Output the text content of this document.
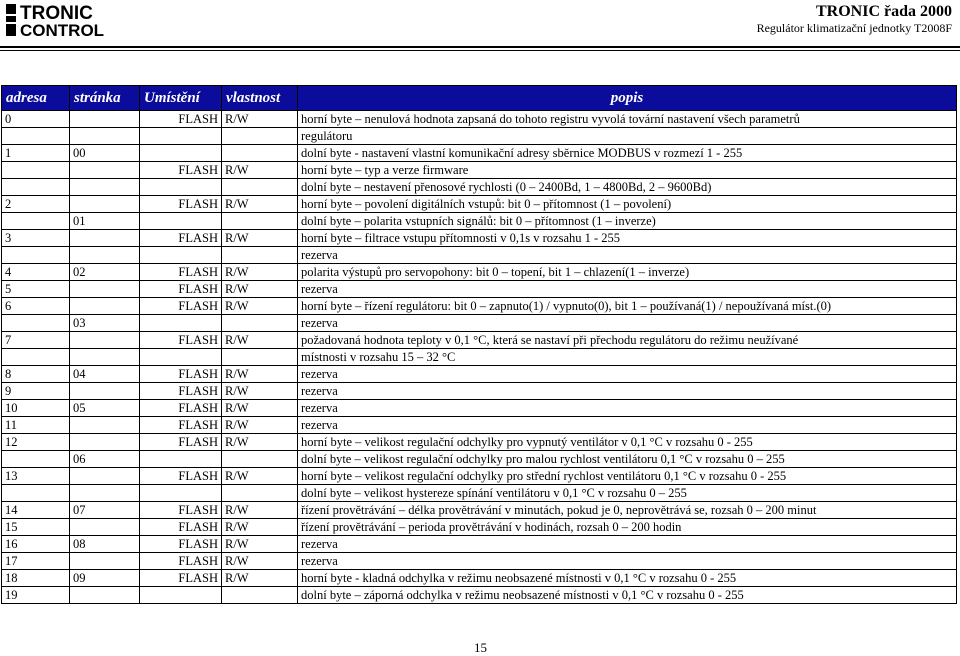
TRONIC
CONTROL
TRONIC řada 2000
Regulátor klimatizační jednotky T2008F
adresa	stránka	Umístění	vlastnost	popis
0		FLASH	R/W	horní byte – nenulová hodnota zapsaná do tohoto registru vyvolá tovární nastavení všech parametrů
				regulátoru
1	00			dolní byte - nastavení vlastní komunikační adresy sběrnice MODBUS v rozmezí 1 - 255
		FLASH	R/W	horní byte – typ a verze firmware
				dolní byte – nestavení přenosové rychlosti (0 – 2400Bd, 1 – 4800Bd, 2 – 9600Bd)
2		FLASH	R/W	horní byte – povolení digitálních vstupů: bit 0 – přítomnost (1 – povolení)
	01			dolní byte – polarita vstupních signálů: bit 0 – přítomnost (1 – inverze)
3		FLASH	R/W	horní byte – filtrace vstupu přítomnosti v 0,1s v rozsahu 1 - 255
				rezerva
4	02	FLASH	R/W	polarita výstupů pro servopohony: bit 0 – topení, bit 1 – chlazení(1 – inverze)
5		FLASH	R/W	rezerva
6		FLASH	R/W	horní byte – řízení regulátoru: bit 0 – zapnuto(1) / vypnuto(0), bit 1 – používaná(1) / nepoužívaná míst.(0)
	03			rezerva
7		FLASH	R/W	požadovaná hodnota teploty v 0,1 °C, která se nastaví při přechodu regulátoru do režimu neužívané
				místnosti v rozsahu 15 – 32 °C
8	04	FLASH	R/W	rezerva
9		FLASH	R/W	rezerva
10	05	FLASH	R/W	rezerva
11		FLASH	R/W	rezerva
12		FLASH	R/W	horní byte – velikost regulační odchylky pro vypnutý ventilátor v 0,1 °C v rozsahu 0 - 255
	06			dolní byte – velikost regulační odchylky pro malou rychlost ventilátoru 0,1 °C v rozsahu 0 – 255
13		FLASH	R/W	horní byte – velikost regulační odchylky pro střední rychlost ventilátoru 0,1 °C v rozsahu 0 - 255
				dolní byte – velikost hystereze spínání ventilátoru v 0,1 °C v rozsahu 0 – 255
14	07	FLASH	R/W	řízení provětrávání – délka provětrávání v minutách, pokud je 0, neprovětrává se, rozsah 0 – 200 minut
15		FLASH	R/W	řízení provětrávání – perioda provětrávání v hodinách, rozsah 0 – 200 hodin
16	08	FLASH	R/W	rezerva
17		FLASH	R/W	rezerva
18	09	FLASH	R/W	horní byte - kladná odchylka v režimu neobsazené místnosti v 0,1 °C v rozsahu 0 - 255
19				dolní byte – záporná odchylka v režimu neobsazené místnosti v 0,1 °C v rozsahu 0 - 255
15
